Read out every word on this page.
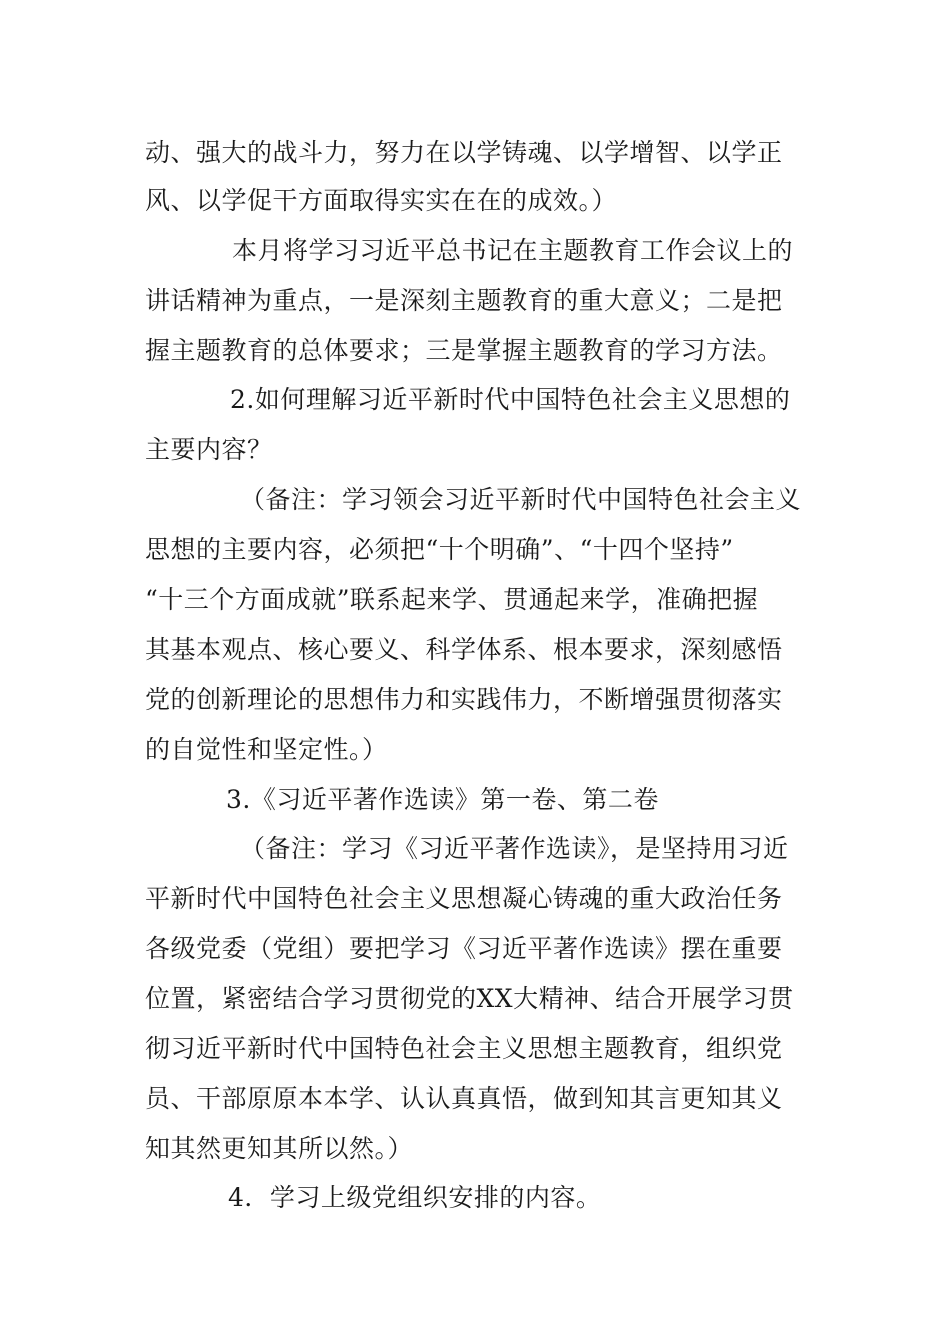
动、强大的战斗力，努力在以学铸魂、以学增智、以学正
风、以学促干方面取得实实在在的成效。）
本月将学习习近平总书记在主题教育工作会议上的
讲话精神为重点，一是深刻主题教育的重大意义；二是把
握主题教育的总体要求；三是掌握主题教育的学习方法。
2.如何理解习近平新时代中国特色社会主义思想的
主要内容？
（备注：学习领会习近平新时代中国特色社会主义
思想的主要内容，必须把“十个明确”、“十四个坚持”
“十三个方面成就”联系起来学、贯通起来学，准确把握
其基本观点、核心要义、科学体系、根本要求，深刻感悟
党的创新理论的思想伟力和实践伟力，不断增强贯彻落实
的自觉性和坚定性。）
3.《习近平著作选读》第一卷、第二卷
（备注：学习《习近平著作选读》，是坚持用习近
平新时代中国特色社会主义思想凝心铸魂的重大政治任务
各级党委（党组）要把学习《习近平著作选读》摆在重要
位置，紧密结合学习贯彻党的XX大精神、结合开展学习贯
彻习近平新时代中国特色社会主义思想主题教育，组织党
员、干部原原本本学、认认真真悟，做到知其言更知其义
知其然更知其所以然。）
4．学习上级党组织安排的内容。
